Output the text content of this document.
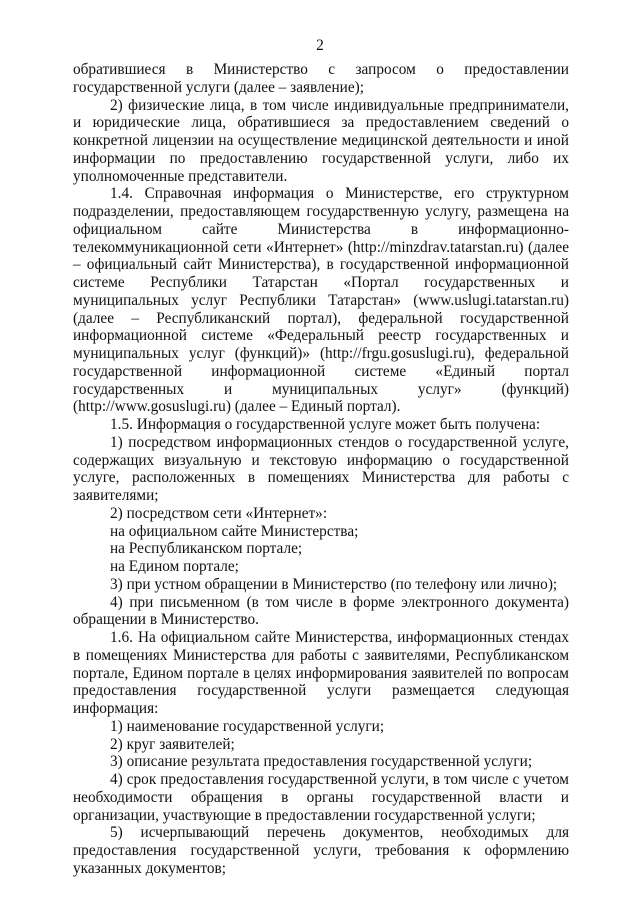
2

обратившиеся в Министерство с запросом о предоставлении государственной услуги (далее – заявление);

2) физические лица, в том числе индивидуальные предприниматели, и юридические лица, обратившиеся за предоставлением сведений о конкретной лицензии на осуществление медицинской деятельности и иной информации по предоставлению государственной услуги, либо их уполномоченные представители.

1.4. Справочная информация о Министерстве, его структурном подразделении, предоставляющем государственную услугу, размещена на официальном сайте Министерства в информационно-телекоммуникационной сети «Интернет» (http://minzdrav.tatarstan.ru) (далее – официальный сайт Министерства), в государственной информационной системе Республики Татарстан «Портал государственных и муниципальных услуг Республики Татарстан» (www.uslugi.tatarstan.ru) (далее – Республиканский портал), федеральной государственной информационной системе «Федеральный реестр государственных и муниципальных услуг (функций)» (http://frgu.gosuslugi.ru), федеральной государственной информационной системе «Единый портал государственных и муниципальных услуг» (функций) (http://www.gosuslugi.ru) (далее – Единый портал).

1.5. Информация о государственной услуге может быть получена:

1) посредством информационных стендов о государственной услуге, содержащих визуальную и текстовую информацию о государственной услуге, расположенных в помещениях Министерства для работы с заявителями;

2) посредством сети «Интернет»:

на официальном сайте Министерства;

на Республиканском портале;

на Едином портале;

3) при устном обращении в Министерство (по телефону или лично);

4) при письменном (в том числе в форме электронного документа) обращении в Министерство.

1.6. На официальном сайте Министерства, информационных стендах в помещениях Министерства для работы с заявителями, Республиканском портале, Едином портале в целях информирования заявителей по вопросам предоставления государственной услуги размещается следующая информация:

1) наименование государственной услуги;

2) круг заявителей;

3) описание результата предоставления государственной услуги;

4) срок предоставления государственной услуги, в том числе с учетом необходимости обращения в органы государственной власти и организации, участвующие в предоставлении государственной услуги;

5) исчерпывающий перечень документов, необходимых для предоставления государственной услуги, требования к оформлению указанных документов;
